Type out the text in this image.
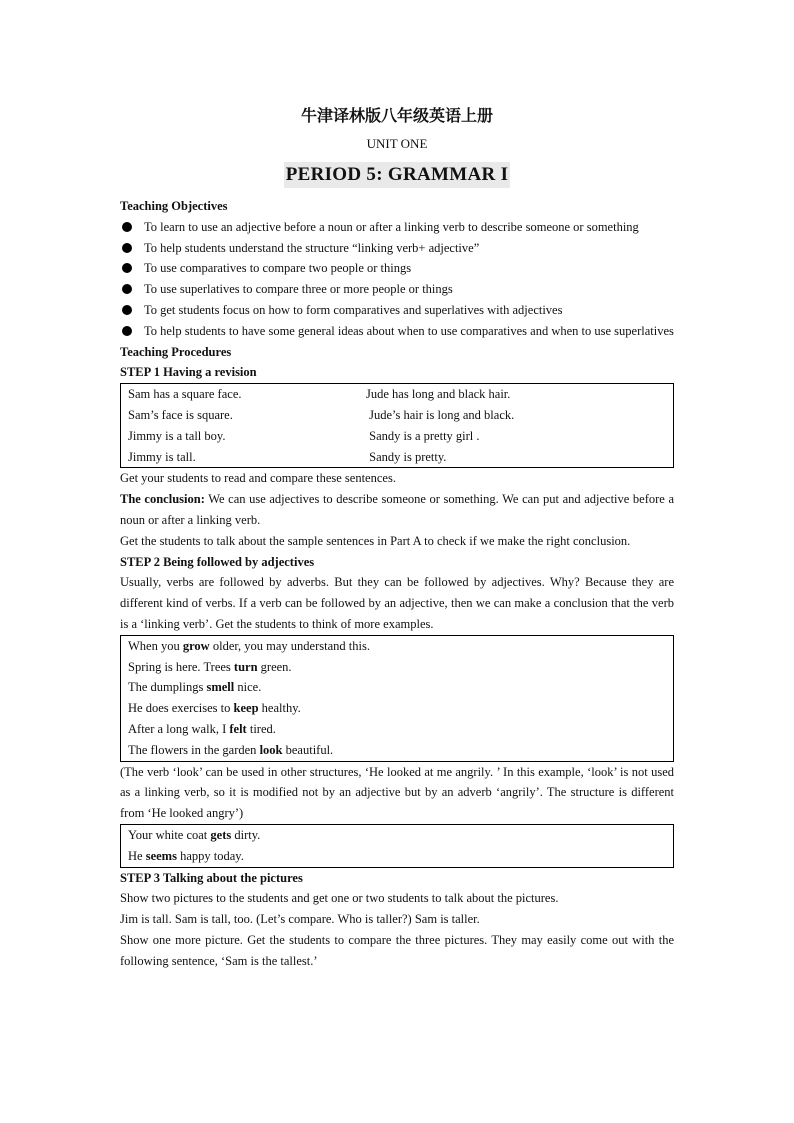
牛津译林版八年级英语上册
UNIT ONE
PERIOD 5: GRAMMAR I
Teaching Objectives
To learn to use an adjective before a noun or after a linking verb to describe someone or something
To help students understand the structure “linking verb+ adjective”
To use comparatives to compare two people or things
To use superlatives to compare three or more people or things
To get students focus on how to form comparatives and superlatives with adjectives
To help students to have some general ideas about when to use comparatives and when to use superlatives
Teaching Procedures
STEP 1 Having a revision
Sam has a square face.	Jude has long and black hair.
Sam’s face is square.	Jude’s hair is long and black.
Jimmy is a tall boy.	Sandy is a pretty girl .
Jimmy is tall.	Sandy is pretty.

Get your students to read and compare these sentences.

The conclusion: We can use adjectives to describe someone or something. We can put and adjective before a noun or after a linking verb.

Get the students to talk about the sample sentences in Part A to check if we make the right conclusion.

STEP 2 Being followed by adjectives

Usually, verbs are followed by adverbs. But they can be followed by adjectives. Why? Because they are different kind of verbs. If a verb can be followed by an adjective, then we can make a conclusion that the verb is a ‘linking verb’. Get the students to think of more examples.

When you grow older, you may understand this.
Spring is here. Trees turn green.
The dumplings smell nice.
He does exercises to keep healthy.
After a long walk, I felt tired.
The flowers in the garden look beautiful.

(The verb ‘look’ can be used in other structures, ‘He looked at me angrily. ’ In this example, ‘look’ is not used as a linking verb, so it is modified not by an adjective but by an adverb ‘angrily’. The structure is different from ‘He looked angry’)

Your white coat gets dirty.
He seems happy today.
STEP 3 Talking about the pictures

Show two pictures to the students and get one or two students to talk about the pictures.

Jim is tall. Sam is tall, too. (Let’s compare. Who is taller?) Sam is taller.

Show one more picture. Get the students to compare the three pictures. They may easily come out with the following sentence, ‘Sam is the tallest.’
